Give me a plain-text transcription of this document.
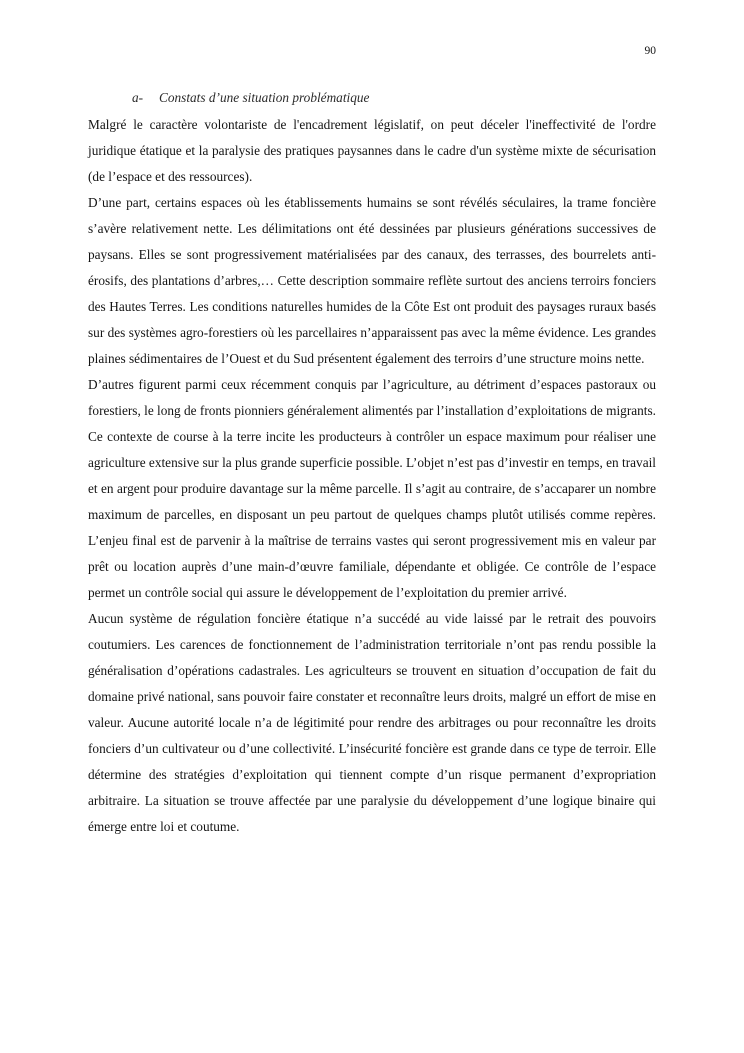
90
a- Constats d’une situation problématique

Malgré le caractère volontariste de l'encadrement législatif, on peut déceler l'ineffectivité de l'ordre juridique étatique et la paralysie des pratiques paysannes dans le cadre d'un système mixte de sécurisation (de l’espace et des ressources).

D’une part, certains espaces où les établissements humains se sont révélés séculaires, la trame foncière s’avère relativement nette. Les délimitations ont été dessinées par plusieurs générations successives de paysans. Elles se sont progressivement matérialisées par des canaux, des terrasses, des bourrelets anti-érosifs, des plantations d’arbres,… Cette description sommaire reflète surtout des anciens terroirs fonciers des Hautes Terres. Les conditions naturelles humides de la Côte Est ont produit des paysages ruraux basés sur des systèmes agro-forestiers où les parcellaires n’apparaissent pas avec la même évidence. Les grandes plaines sédimentaires de l’Ouest et du Sud présentent également des terroirs d’une structure moins nette.

D’autres figurent parmi ceux récemment conquis par l’agriculture, au détriment d’espaces pastoraux ou forestiers, le long de fronts pionniers généralement alimentés par l’installation d’exploitations de migrants. Ce contexte de course à la terre incite les producteurs à contrôler un espace maximum pour réaliser une agriculture extensive sur la plus grande superficie possible. L’objet n’est pas d’investir en temps, en travail et en argent pour produire davantage sur la même parcelle. Il s’agit au contraire, de s’accaparer un nombre maximum de parcelles, en disposant un peu partout de quelques champs plutôt utilisés comme repères. L’enjeu final est de parvenir à la maîtrise de terrains vastes qui seront progressivement mis en valeur par prêt ou location auprès d’une main-d’œuvre familiale, dépendante et obligée. Ce contrôle de l’espace permet un contrôle social qui assure le développement de l’exploitation du premier arrivé.

Aucun système de régulation foncière étatique n’a succédé au vide laissé par le retrait des pouvoirs coutumiers. Les carences de fonctionnement de l’administration territoriale n’ont pas rendu possible la généralisation d’opérations cadastrales. Les agriculteurs se trouvent en situation d’occupation de fait du domaine privé national, sans pouvoir faire constater et reconnaître leurs droits, malgré un effort de mise en valeur. Aucune autorité locale n’a de légitimité pour rendre des arbitrages ou pour reconnaître les droits fonciers d’un cultivateur ou d’une collectivité. L’insécurité foncière est grande dans ce type de terroir. Elle détermine des stratégies d’exploitation qui tiennent compte d’un risque permanent d’expropriation arbitraire. La situation se trouve affectée par une paralysie du développement d’une logique binaire qui émerge entre loi et coutume.
